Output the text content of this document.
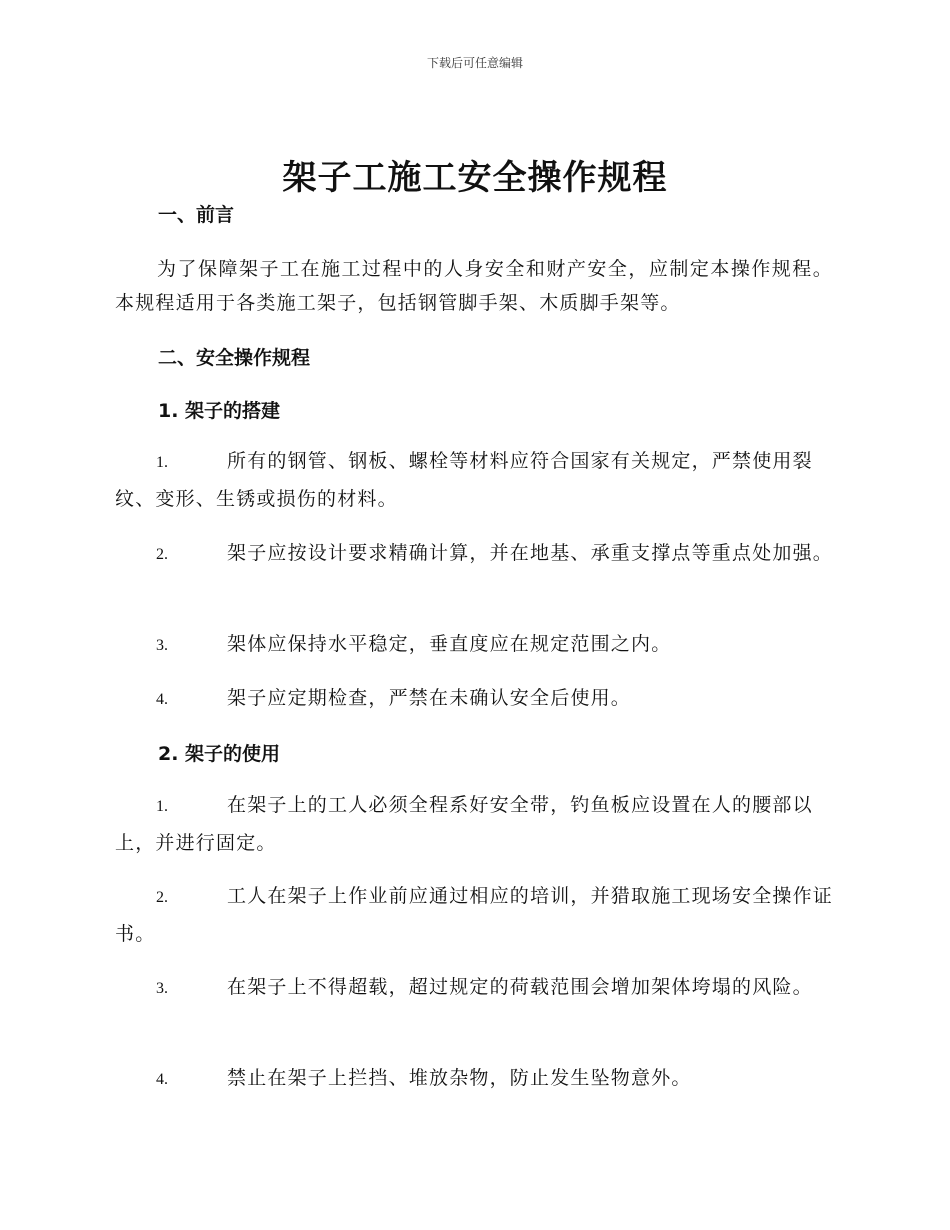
下载后可任意编辑
架子工施工安全操作规程
一、前言
为了保障架子工在施工过程中的人身安全和财产安全，应制定本操作规程。本规程适用于各类施工架子，包括钢管脚手架、木质脚手架等。
二、安全操作规程
1. 架子的搭建
1.	所有的钢管、钢板、螺栓等材料应符合国家有关规定，严禁使用裂纹、变形、生锈或损伤的材料。
2.	架子应按设计要求精确计算，并在地基、承重支撑点等重点处加强。
3.	架体应保持水平稳定，垂直度应在规定范围之内。
4.	架子应定期检查，严禁在未确认安全后使用。
2. 架子的使用
1.	在架子上的工人必须全程系好安全带，钓鱼板应设置在人的腰部以上，并进行固定。
2.	工人在架子上作业前应通过相应的培训，并猎取施工现场安全操作证书。
3.	在架子上不得超载，超过规定的荷载范围会增加架体垮塌的风险。
4.	禁止在架子上拦挡、堆放杂物，防止发生坠物意外。
